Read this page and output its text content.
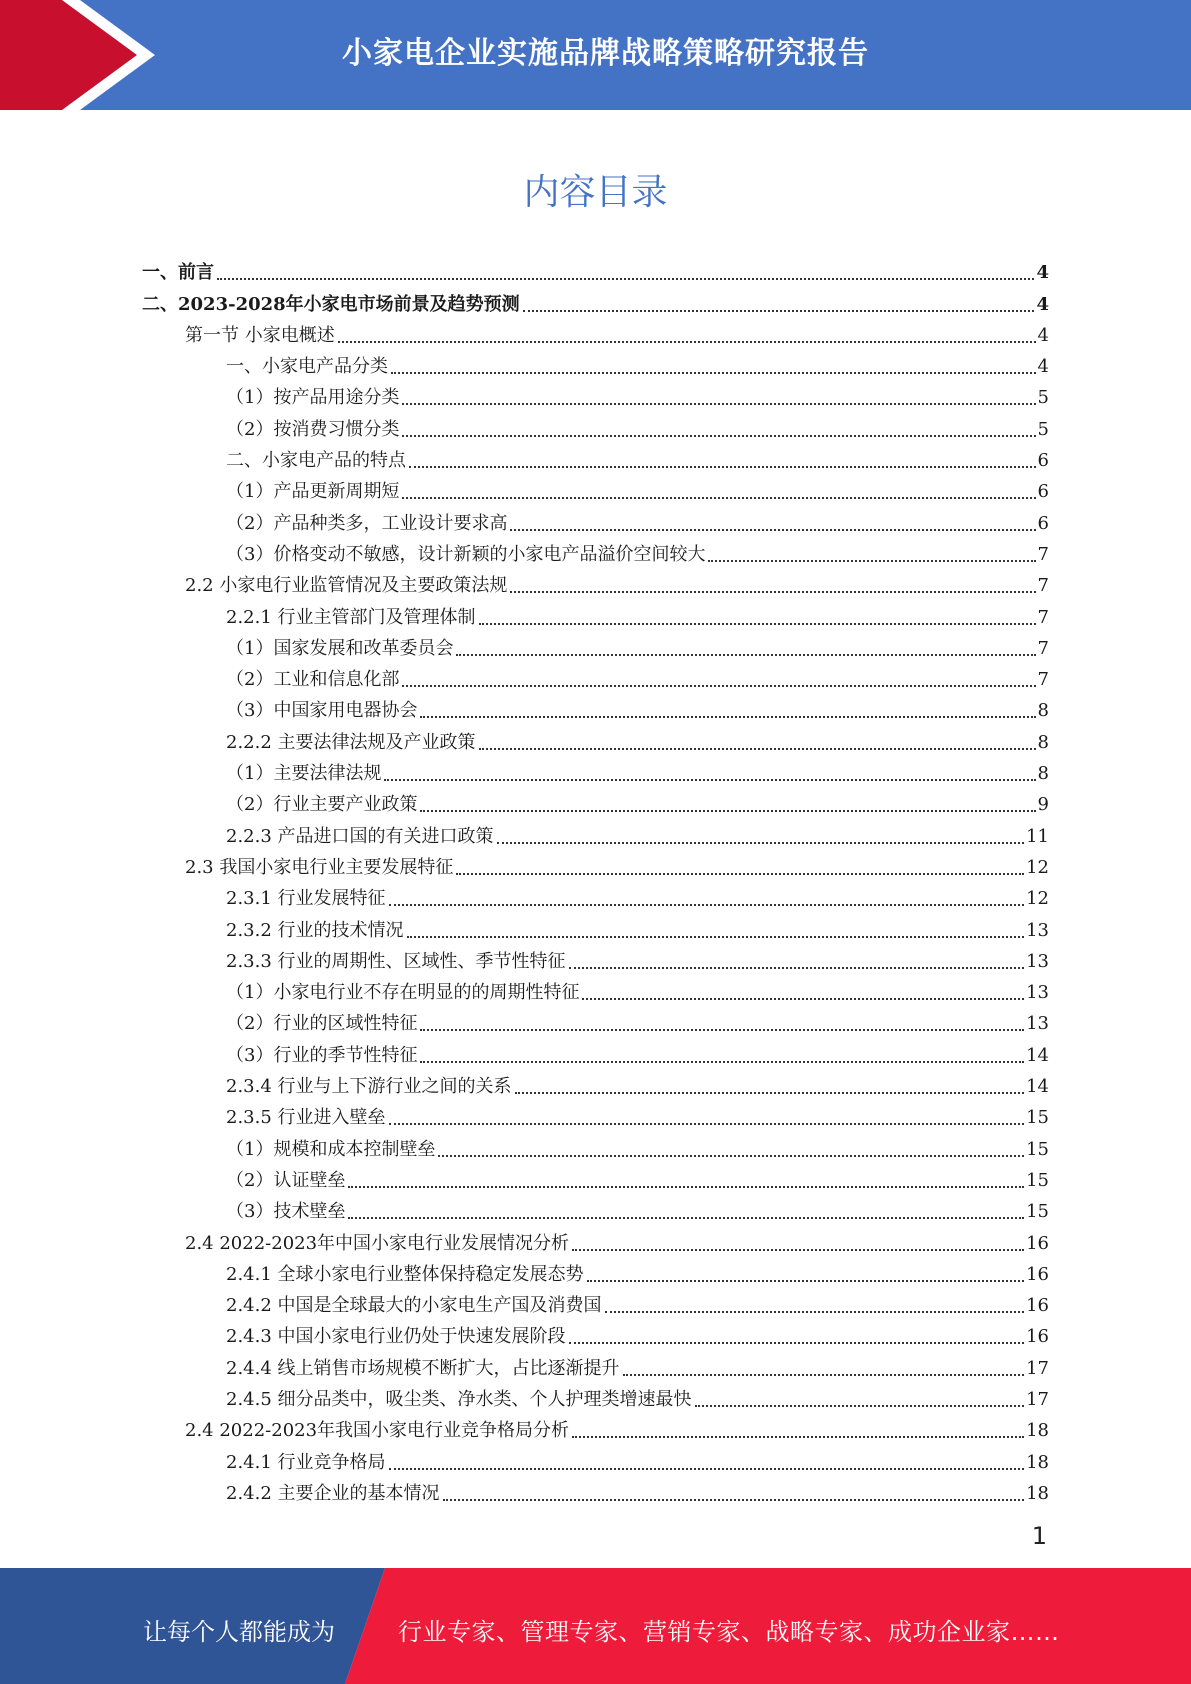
小家电企业实施品牌战略策略研究报告
内容目录
一、前言	4
二、2023-2028年小家电市场前景及趋势预测	4
第一节 小家电概述	4
一、小家电产品分类	4
（1）按产品用途分类	5
（2）按消费习惯分类	5
二、小家电产品的特点	6
（1）产品更新周期短	6
（2）产品种类多，工业设计要求高	6
（3）价格变动不敏感，设计新颖的小家电产品溢价空间较大	7
2.2 小家电行业监管情况及主要政策法规	7
2.2.1 行业主管部门及管理体制	7
（1）国家发展和改革委员会	7
（2）工业和信息化部	7
（3）中国家用电器协会	8
2.2.2 主要法律法规及产业政策	8
（1）主要法律法规	8
（2）行业主要产业政策	9
2.2.3 产品进口国的有关进口政策	11
2.3 我国小家电行业主要发展特征	12
2.3.1 行业发展特征	12
2.3.2 行业的技术情况	13
2.3.3 行业的周期性、区域性、季节性特征	13
（1）小家电行业不存在明显的的周期性特征	13
（2）行业的区域性特征	13
（3）行业的季节性特征	14
2.3.4 行业与上下游行业之间的关系	14
2.3.5 行业进入壁垒	15
（1）规模和成本控制壁垒	15
（2）认证壁垒	15
（3）技术壁垒	15
2.4 2022-2023年中国小家电行业发展情况分析	16
2.4.1 全球小家电行业整体保持稳定发展态势	16
2.4.2 中国是全球最大的小家电生产国及消费国	16
2.4.3 中国小家电行业仍处于快速发展阶段	16
2.4.4 线上销售市场规模不断扩大，占比逐渐提升	17
2.4.5 细分品类中，吸尘类、净水类、个人护理类增速最快	17
2.4 2022-2023年我国小家电行业竞争格局分析	18
2.4.1 行业竞争格局	18
2.4.2 主要企业的基本情况	18
1
让每个人都能成为	行业专家、管理专家、营销专家、战略专家、成功企业家……
